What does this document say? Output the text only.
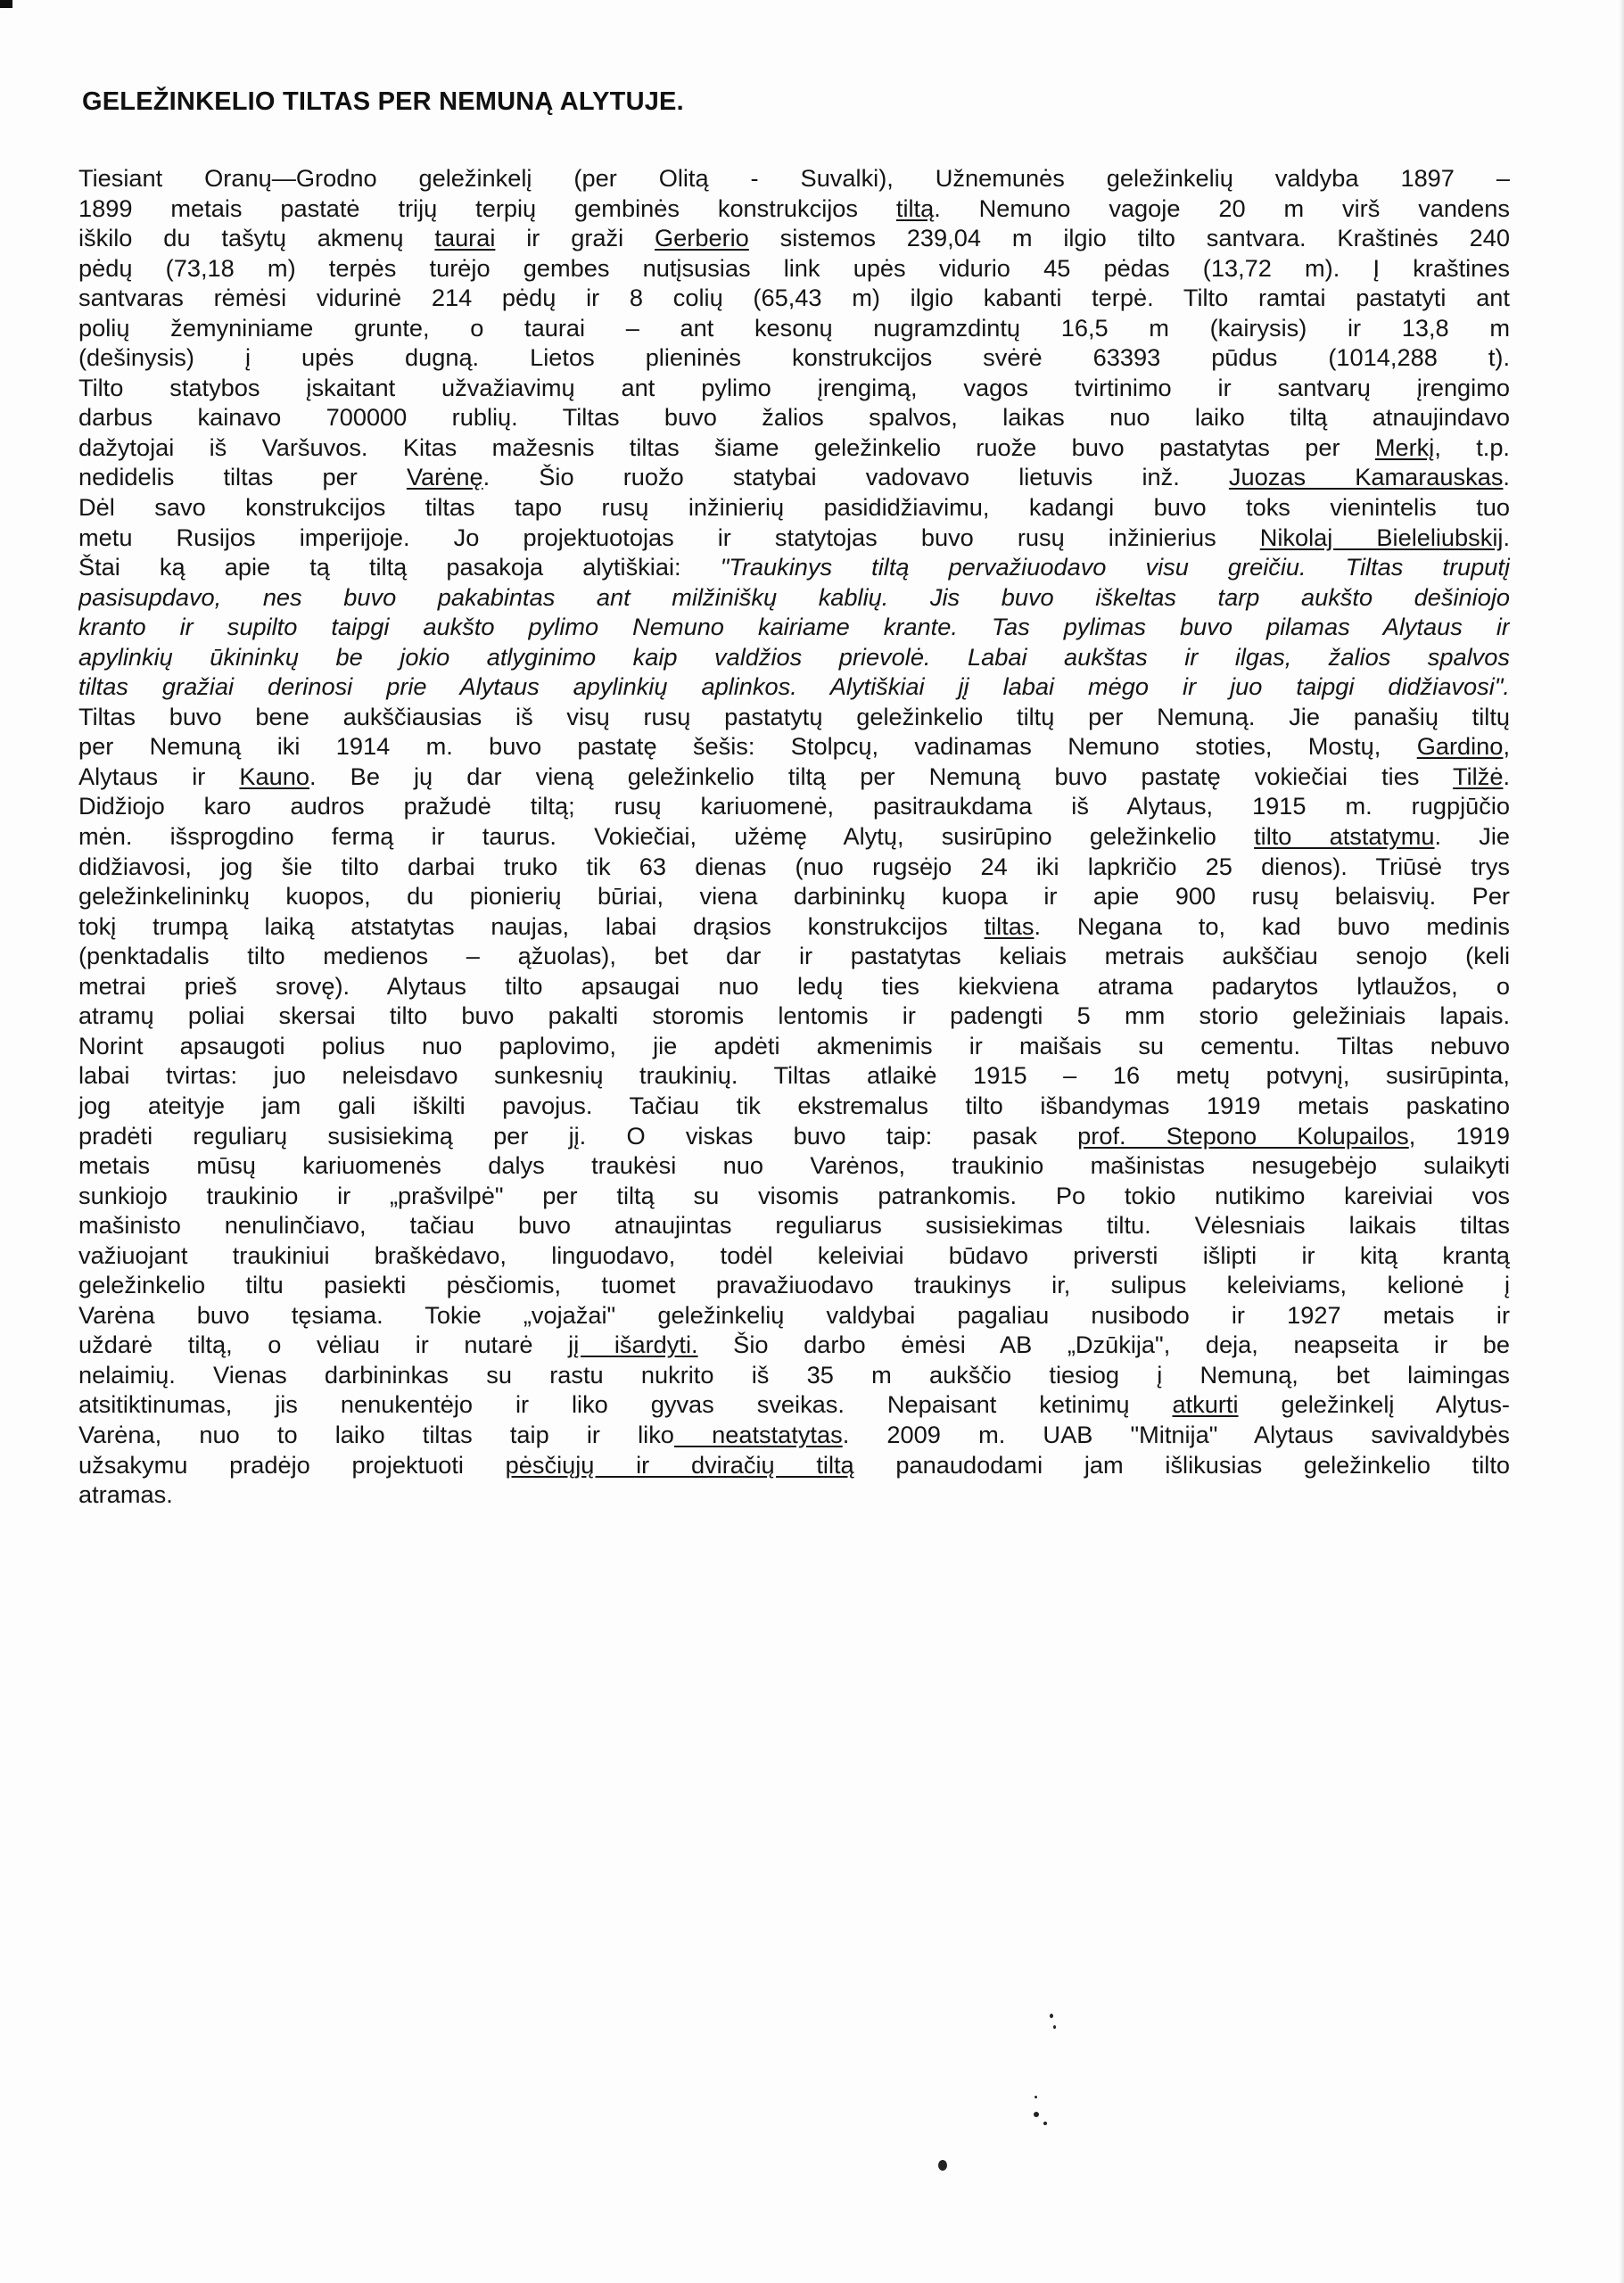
GELEŽINKELIO TILTAS PER NEMUNĄ ALYTUJE.
Tiesiant Oranų—Grodno geležinkelį (per Olitą - Suvalki), Užnemunės geležinkelių valdyba 1897 –
1899 metais pastatė trijų terpių gembinės konstrukcijos tiltą. Nemuno vagoje 20 m virš vandens
iškilo du tašytų akmenų taurai ir graži Gerberio sistemos 239,04 m ilgio tilto santvara. Kraštinės 240
pėdų (73,18 m) terpės turėjo gembes nutįsusias link upės vidurio 45 pėdas (13,72 m). Į kraštines
santvaras rėmėsi vidurinė 214 pėdų ir 8 colių (65,43 m) ilgio kabanti terpė. Tilto ramtai pastatyti ant
polių žemyniniame grunte, o taurai – ant kesonų nugramzdintų 16,5 m (kairysis) ir 13,8 m
(dešinysis) į upės dugną. Lietos plieninės konstrukcijos svėrė 63393 pūdus (1014,288 t).
Tilto statybos įskaitant užvažiavimų ant pylimo įrengimą, vagos tvirtinimo ir santvarų įrengimo
darbus kainavo 700000 rublių. Tiltas buvo žalios spalvos, laikas nuo laiko tiltą atnaujindavo
dažytojai iš Varšuvos. Kitas mažesnis tiltas šiame geležinkelio ruože buvo pastatytas per Merkį, t.p.
nedidelis tiltas per Varėnę. Šio ruožo statybai vadovavo lietuvis inž. Juozas Kamarauskas.
Dėl savo konstrukcijos tiltas tapo rusų inžinierių pasididžiavimu, kadangi buvo toks vienintelis tuo
metu Rusijos imperijoje. Jo projektuotojas ir statytojas buvo rusų inžinierius Nikolaj Bieleliubskij.
Štai ką apie tą tiltą pasakoja alytiškiai: "Traukinys tiltą pervažiuodavo visu greičiu. Tiltas truputį
pasisupdavo, nes buvo pakabintas ant milžiniškų kablių. Jis buvo iškeltas tarp aukšto dešiniojo
kranto ir supilto taipgi aukšto pylimo Nemuno kairiame krante. Tas pylimas buvo pilamas Alytaus ir
apylinkių ūkininkų be jokio atlyginimo kaip valdžios prievolė. Labai aukštas ir ilgas, žalios spalvos
tiltas gražiai derinosi prie Alytaus apylinkių aplinkos. Alytiškiai jį labai mėgo ir juo taipgi didžiavosi".
Tiltas buvo bene aukščiausias iš visų rusų pastatytų geležinkelio tiltų per Nemuną. Jie panašių tiltų
per Nemuną iki 1914 m. buvo pastatę šešis: Stolpcų, vadinamas Nemuno stoties, Mostų, Gardino,
Alytaus ir Kauno. Be jų dar vieną geležinkelio tiltą per Nemuną buvo pastatę vokiečiai ties Tilžė.
Didžiojo karo audros pražudė tiltą; rusų kariuomenė, pasitraukdama iš Alytaus, 1915 m. rugpjūčio
mėn. išsprogdino fermą ir taurus. Vokiečiai, užėmę Alytų, susirūpino geležinkelio tilto atstatymu. Jie
didžiavosi, jog šie tilto darbai truko tik 63 dienas (nuo rugsėjo 24 iki lapkričio 25 dienos). Triūsė trys
geležinkelininkų kuopos, du pionierių būriai, viena darbininkų kuopa ir apie 900 rusų belaisvių. Per
tokį trumpą laiką atstatytas naujas, labai drąsios konstrukcijos tiltas. Negana to, kad buvo medinis
(penktadalis tilto medienos – ąžuolas), bet dar ir pastatytas keliais metrais aukščiau senojo (keli
metrai prieš srovę). Alytaus tilto apsaugai nuo ledų ties kiekviena atrama padarytos lytlaužos, o
atramų poliai skersai tilto buvo pakalti storomis lentomis ir padengti 5 mm storio geležiniais lapais.
Norint apsaugoti polius nuo paplovimo, jie apdėti akmenimis ir maišais su cementu. Tiltas nebuvo
labai tvirtas: juo neleisdavo sunkesnių traukinių. Tiltas atlaikė 1915 – 16 metų potvynį, susirūpinta,
jog ateityje jam gali iškilti pavojus. Tačiau tik ekstremalus tilto išbandymas 1919 metais paskatino
pradėti reguliarų susisiekimą per jį. O viskas buvo taip: pasak prof. Stepono Kolupailos, 1919
metais mūsų kariuomenės dalys traukėsi nuo Varėnos, traukinio mašinistas nesugebėjo sulaikyti
sunkiojo traukinio ir „prašvilpė" per tiltą su visomis patrankomis. Po tokio nutikimo kareiviai vos
mašinisto nenulinčiavo, tačiau buvo atnaujintas reguliarus susisiekimas tiltu. Vėlesniais laikais tiltas
važiuojant traukiniui braškėdavo, linguodavo, todėl keleiviai būdavo priversti išlipti ir kitą krantą
geležinkelio tiltu pasiekti pėsčiomis, tuomet pravažiuodavo traukinys ir, sulipus keleiviams, kelionė į
Varėna buvo tęsiama. Tokie „vojažai" geležinkelių valdybai pagaliau nusibodo ir 1927 metais ir
uždarė tiltą, o vėliau ir nutarė jį išardyti. Šio darbo ėmėsi AB „Dzūkija", deja, neapseita ir be
nelaimių. Vienas darbininkas su rastu nukrito iš 35 m aukščio tiesiog į Nemuną, bet laimingas
atsitiktinumas, jis nenukentėjo ir liko gyvas sveikas. Nepaisant ketinimų atkurti geležinkelį Alytus-
Varėna, nuo to laiko tiltas taip ir liko neatstatytas. 2009 m. UAB "Mitnija" Alytaus savivaldybės
užsakymu pradėjo projektuoti pėsčiųjų ir dviračių tiltą panaudodami jam išlikusias geležinkelio tilto
atramas.
